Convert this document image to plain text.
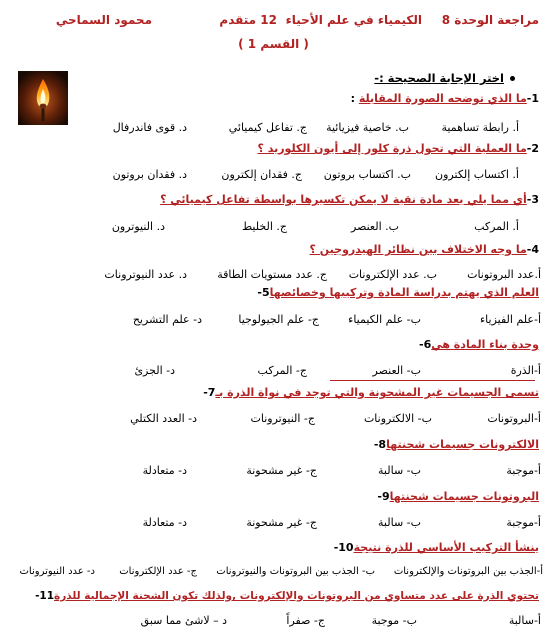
مراجعة الوحدة 8
الكيمياء في علم الأحياء
12 متقدم
محمود السماحي
( القسم 1 )
اختر الإجابة الصحيحة :-
1-ما الذي توضحه الصورة المقابلة :
أ. رابطة تساهمية
ب. خاصية فيزيائية
ج. تفاعل كيميائي
د. قوى فاندرفال
2-ما العملية التي تحول ذرة كلور إلى أيون الكلوريد ؟
أ. اكتساب إلكترون
ب. اكتساب بروتون
ج. فقدان إلكترون
د. فقدان بروتون
3-أي مما يلي يعد مادة نقية لا يمكن تكسيرها بواسطة تفاعل كيميائي ؟
أ. المركب
ب. العنصر
ج. الخليط
د. النيوترون
4-ما وجه الاختلاف بين نظائر الهيدروجين ؟
أ.عدد البروتونات
ب. عدد الإلكترونات
ج. عدد مستويات الطاقة
د. عدد النيوترونات
العلم الذي يهتم بدراسة المادة وتركيبها وخصائصها5-
أ-علم الفيزياء
ب- علم الكيمياء
ج- علم الجيولوجيا
د- علم التشريح
وحدة بناء المادة هي6-
أ-الذرة
ب- العنصر
ج- المركب
د- الجزئ
تسمى الجسيمات غير المشحونة والتي توجد في نواة الذرة بـ7-
أ-البروتونات
ب- الالكترونات
ج- النيوترونات
د- العدد الكتلي
الالكترونات جسيمات شحنتها8-
أ-موجبة
ب- سالبة
ج- غير مشحونة
د- متعادلة
البروتونات جسيمات شحنتها9-
أ-موجبة
ب- سالبة
ج- غير مشحونة
د- متعادلة
ينشأ التركيب الأساسي للذرة نتيجة10-
أ-الجذب بين البروتونات والإلكترونات
ب- الجذب بين البروتونات والنيوترونات
ج- عدد الإلكترونات
د- عدد النيوترونات
تحتوي الذرة على عدد متساوي من البروتونات والإلكترونات ,ولذلك تكون الشحنة الإجمالية للذرة11-
أ-سالبة
ب- موجبة
ج- صفراً
د – لاشئ مما سبق
